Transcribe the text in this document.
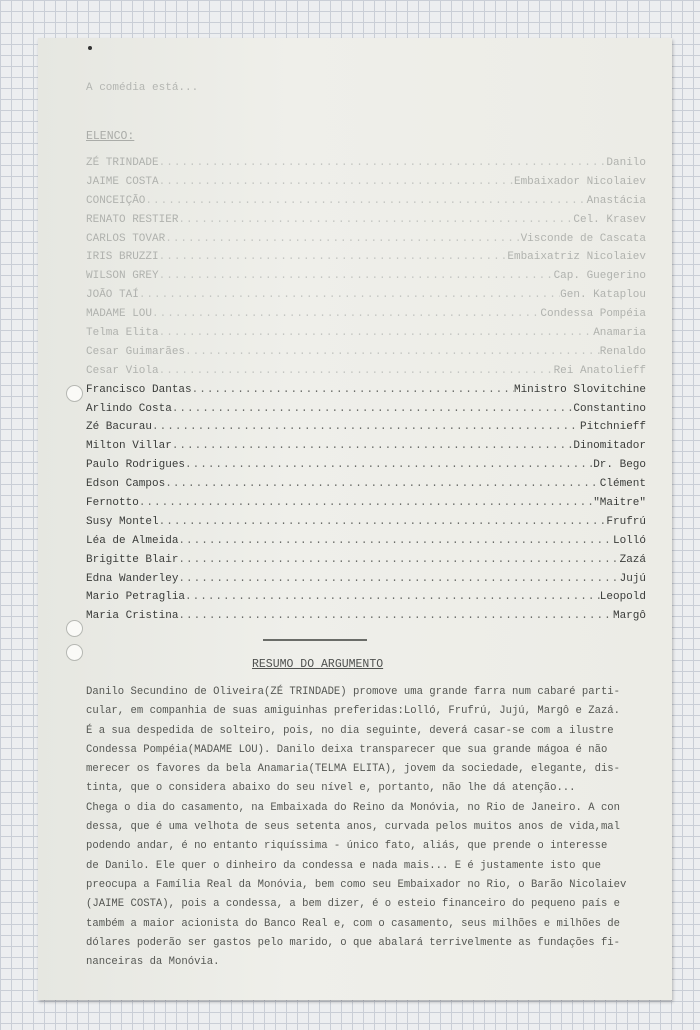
A comédia está...
ELENCO:
ZÉ TRINDADE .....	Danilo
JAIME COSTA .....	Embaixador Nicolaiev
CONCEIÇÃO .....	Anastácia
RENATO RESTIER .....	Cel. Krasev
CARLOS TOVAR .....	Visconde de Cascata
IRIS BRUZZI .....	Embaixatriz Nicolaiev
WILSON GREY .....	Cap. Guegerino
JOÃO TAÍ .....	Gen. Kataplou
MADAME LOU .....	Condessa Pompéia
Telma Elita .....	Anamaria
Cesar Guimarães .....	Renaldo
Cesar Viola .....	Rei Anatolieff
Francisco Dantas .....	Ministro Slovitchine
Arlindo Costa .....	Constantino
Zé Bacurau .....	Pitchnieff
Milton Villar .....	Dinomitador
Paulo Rodrigues .....	Dr. Bego
Edson Campos .....	Clément
Fernotto .....	"Maitre"
Susy Montel .....	Frufrú
Léa de Almeida .....	Lolló
Brigitte Blair .....	Zazá
Edna Wanderley .....	Jujú
Mario Petraglia .....	Leopold
Maria Cristina .....	Margô
RESUMO DO ARGUMENTO

Danilo Secundino de Oliveira(ZÉ TRINDADE) promove uma grande farra num cabaré parti-

cular, em companhia de suas amiguinhas preferidas:Lolló, Frufrú, Jujú, Margô e Zazá.

É a sua despedida de solteiro, pois, no dia seguinte, deverá casar-se com a ilustre

Condessa Pompéia(MADAME LOU). Danilo deixa transparecer que sua grande mágoa é não

merecer os favores da bela Anamaria(TELMA ELITA), jovem da sociedade, elegante, dis-

tinta, que o considera abaixo do seu nível e, portanto, não lhe dá atenção...

Chega o dia do casamento, na Embaixada do Reino da Monóvia, no Rio de Janeiro. A con

dessa, que é uma velhota de seus setenta anos, curvada pelos muitos anos de vida,mal

podendo andar, é no entanto riquíssima - único fato, aliás, que prende o interesse

de Danilo. Ele quer o dinheiro da condessa e nada mais... E é justamente isto que

preocupa a Família Real da Monóvia, bem como seu Embaixador no Rio, o Barão Nicolaiev

(JAIME COSTA), pois a condessa, a bem dizer, é o esteio financeiro do pequeno país e

também a maior acionista do Banco Real e, com o casamento, seus milhões e milhões de

dólares poderão ser gastos pelo marido, o que abalará terrivelmente as fundações fi-

nanceiras da Monóvia.
